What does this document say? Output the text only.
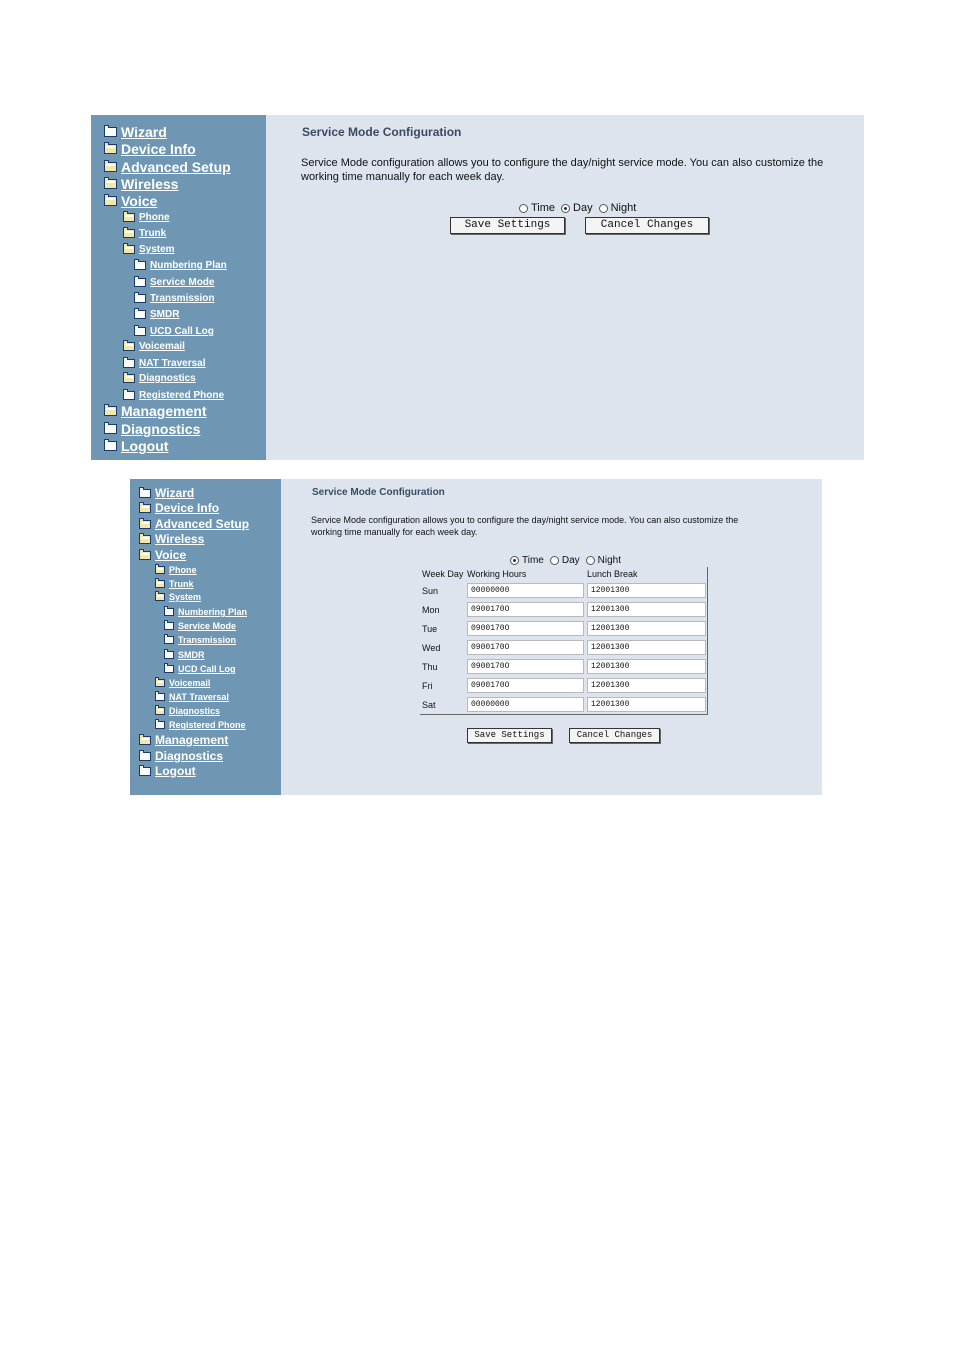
Wizard
Device Info
Advanced Setup
Wireless
Voice
Phone
Trunk
System
Numbering Plan
Service Mode
Transmission
SMDR
UCD Call Log
Voicemail
NAT Traversal
Diagnostics
Registered Phone
Management
Diagnostics
Logout
Service Mode Configuration
Service Mode configuration allows you to configure the day/night service mode. You can also customize the working time manually for each week day.
Time Day Night
Save Settings	Cancel Changes
Wizard
Device Info
Advanced Setup
Wireless
Voice
Phone
Trunk
System
Numbering Plan
Service Mode
Transmission
SMDR
UCD Call Log
Voicemail
NAT Traversal
Diagnostics
Registered Phone
Management
Diagnostics
Logout
Service Mode Configuration
Service Mode configuration allows you to configure the day/night service mode. You can also customize the
working time manually for each week day.
Time Day Night
Week Day Working Hours	Lunch Break
Sun	00000000	12001300
Mon	0900170O	12001300
Tue	0900170O	12001300
Wed	0900170O	12001300
Thu	0900170O	12001300
Fri	0900170O	12001300
Sat	00000000	12001300
Save Settings	Cancel Changes
